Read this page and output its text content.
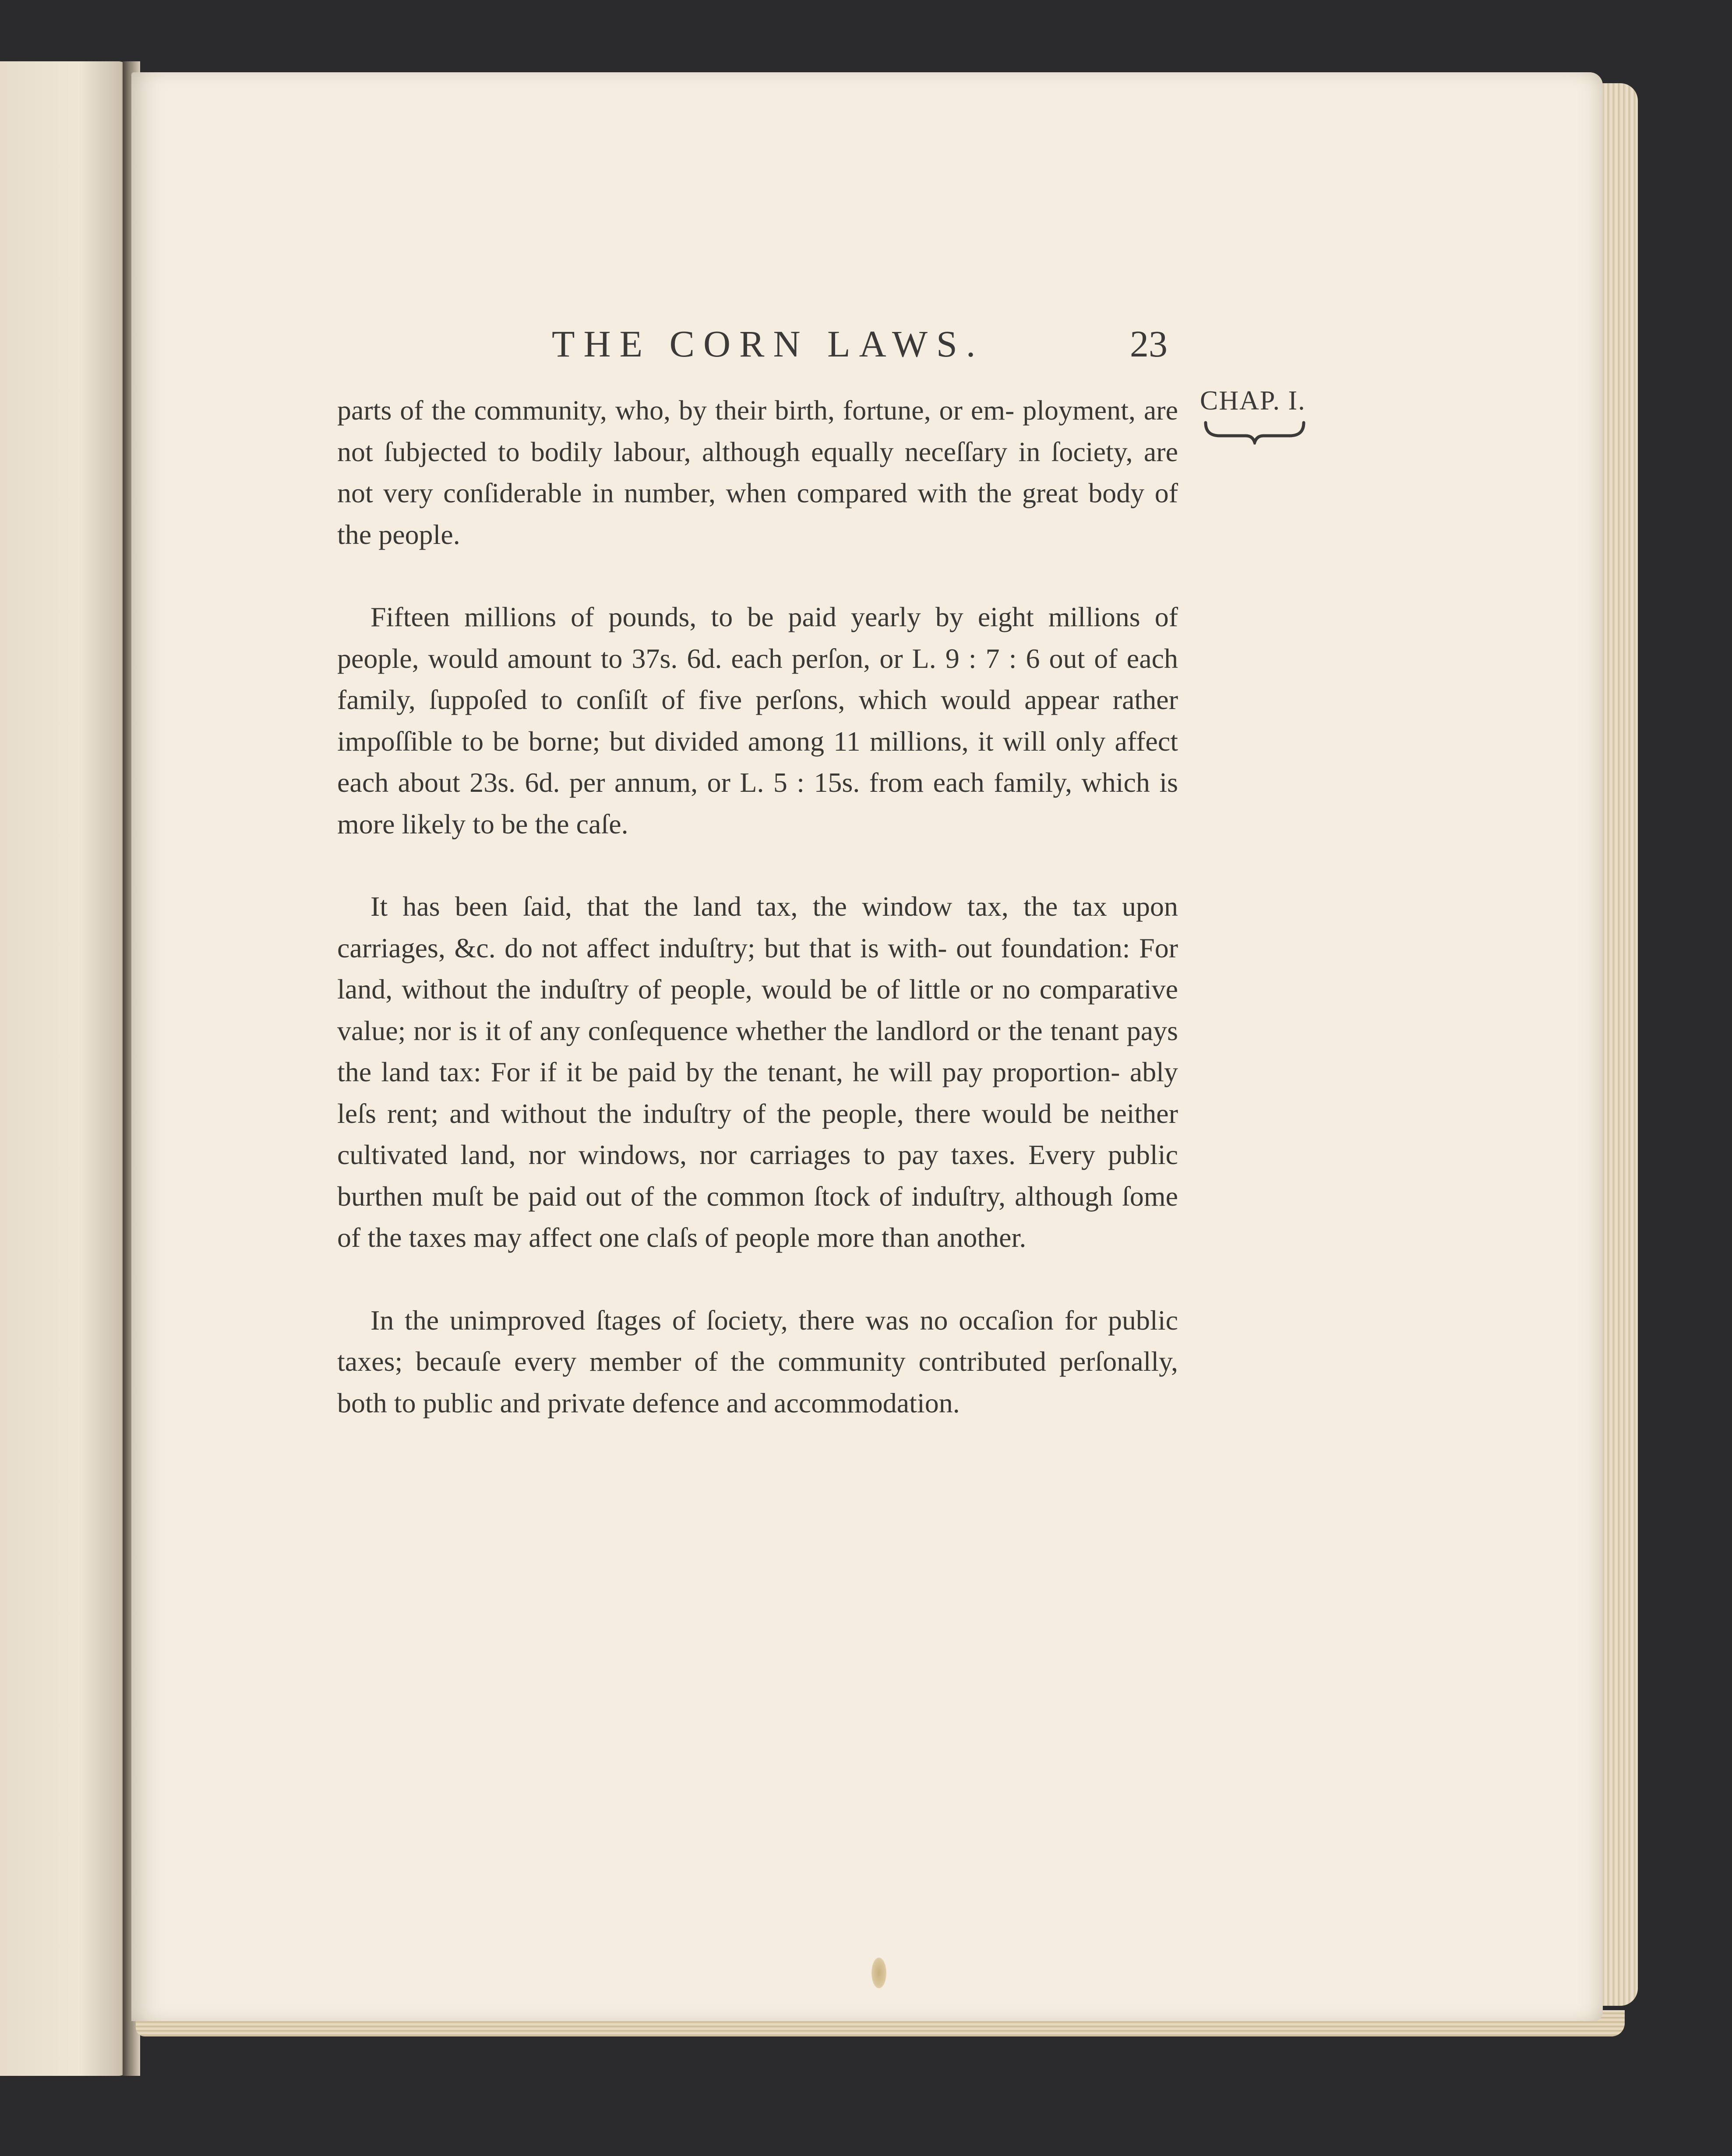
THE CORN LAWS.	23
CHAP. I.

parts of the community, who, by their birth, fortune, or em- ployment, are not ſubjected to bodily labour, although equally neceſſary in ſociety, are not very conſiderable in number, when compared with the great body of the people.

Fifteen millions of pounds, to be paid yearly by eight millions of people, would amount to 37s. 6d. each perſon, or L. 9 : 7 : 6 out of each family, ſuppoſed to conſiſt of five perſons, which would appear rather impoſſible to be borne; but divided among 11 millions, it will only affect each about 23s. 6d. per annum, or L. 5 : 15s. from each family, which is more likely to be the caſe.

It has been ſaid, that the land tax, the window tax, the tax upon carriages, &c. do not affect induſtry; but that is with- out foundation: For land, without the induſtry of people, would be of little or no comparative value; nor is it of any conſequence whether the landlord or the tenant pays the land tax: For if it be paid by the tenant, he will pay proportion- ably leſs rent; and without the induſtry of the people, there would be neither cultivated land, nor windows, nor carriages to pay taxes. Every public burthen muſt be paid out of the common ſtock of induſtry, although ſome of the taxes may affect one claſs of people more than another.

In the unimproved ſtages of ſociety, there was no occaſion for public taxes; becauſe every member of the community contributed perſonally, both to public and private defence and accommodation.
